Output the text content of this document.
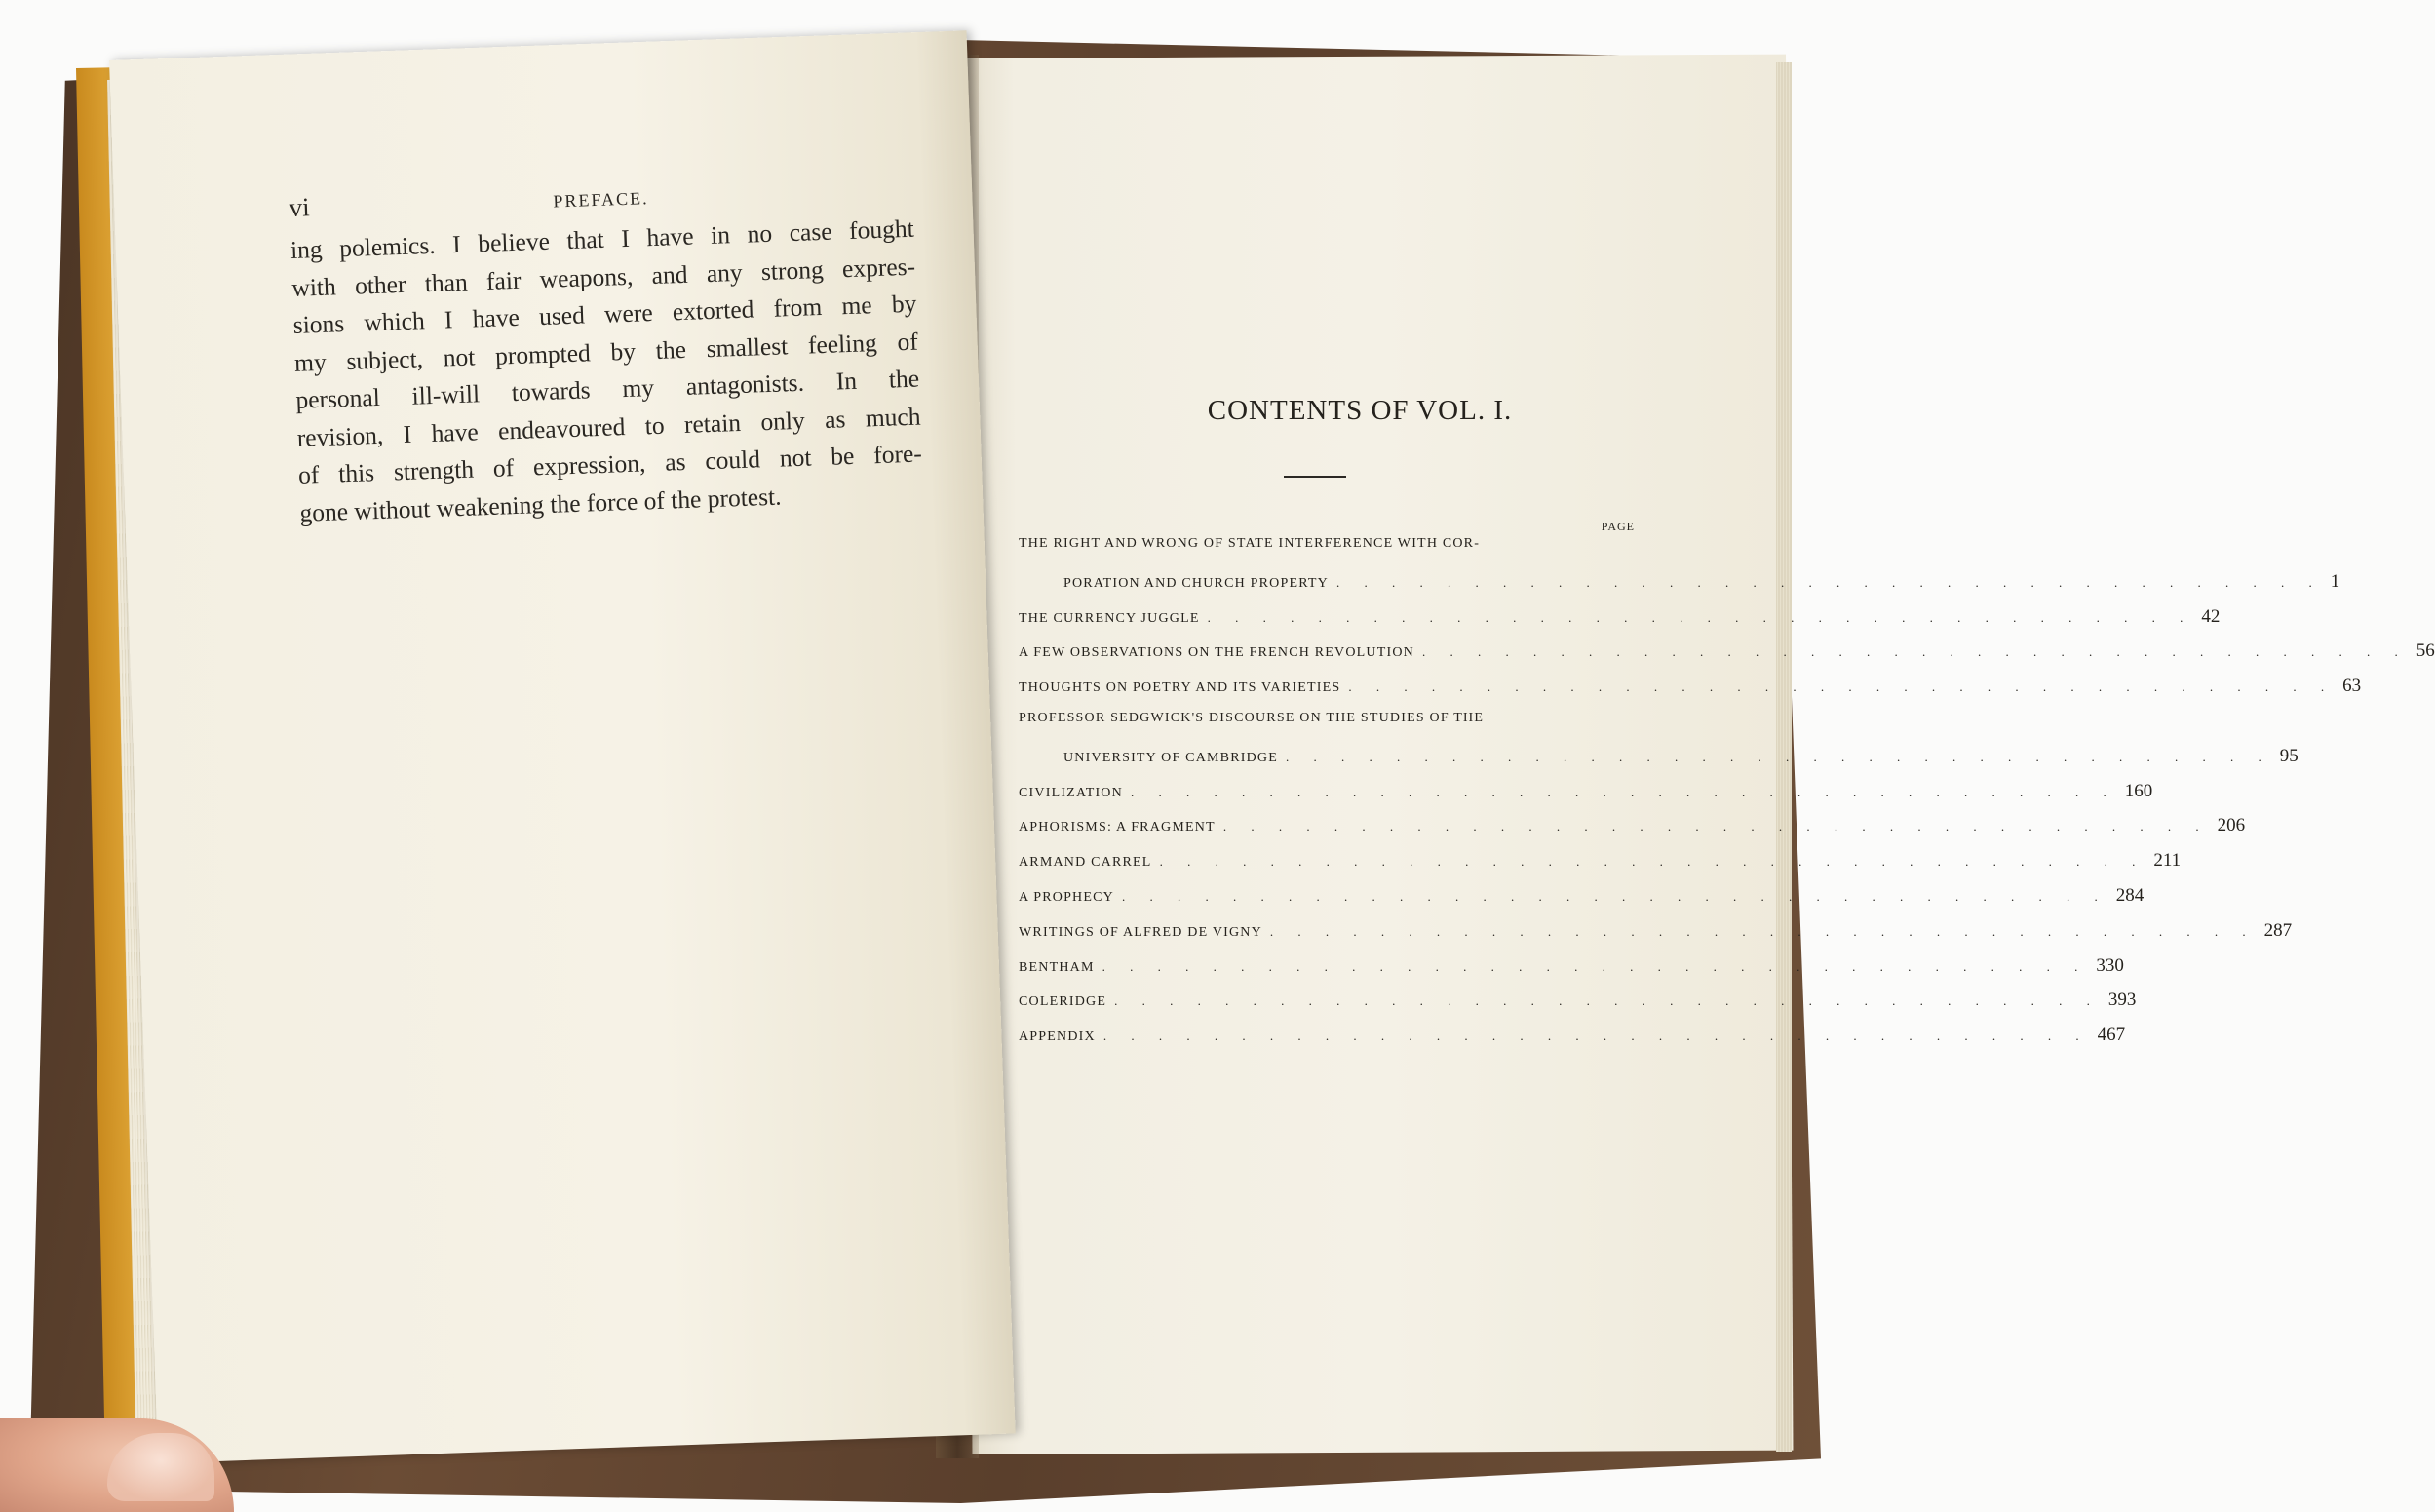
vi	PREFACE.
ing polemics. I believe that I have in no case fought
with other than fair weapons, and any strong expres-
sions which I have used were extorted from me by
my subject, not prompted by the smallest feeling of
personal ill-will towards my antagonists. In the
revision, I have endeavoured to retain only as much
of this strength of expression, as could not be fore-
gone without weakening the force of the protest.
CONTENTS OF VOL. I.
PAGE
THE RIGHT AND WRONG OF STATE INTERFERENCE WITH COR-
PORATION AND CHURCH PROPERTY . . . . . . . . . . . . . . . . . . . . . . . . . . . . . . . . . . . . 1
THE CURRENCY JUGGLE . . . . . . . . . . . . . . . . . . . . . . . . . . . . . . . . . . . . 42
A FEW OBSERVATIONS ON THE FRENCH REVOLUTION . . . . . . . . . . . . . . . . . . . . . . . . . . . . . . . . . . . . 56
THOUGHTS ON POETRY AND ITS VARIETIES . . . . . . . . . . . . . . . . . . . . . . . . . . . . . . . . . . . . 63
PROFESSOR SEDGWICK'S DISCOURSE ON THE STUDIES OF THE
UNIVERSITY OF CAMBRIDGE . . . . . . . . . . . . . . . . . . . . . . . . . . . . . . . . . . . . 95
CIVILIZATION . . . . . . . . . . . . . . . . . . . . . . . . . . . . . . . . . . . . 160
APHORISMS: A FRAGMENT . . . . . . . . . . . . . . . . . . . . . . . . . . . . . . . . . . . . 206
ARMAND CARREL . . . . . . . . . . . . . . . . . . . . . . . . . . . . . . . . . . . . 211
A PROPHECY . . . . . . . . . . . . . . . . . . . . . . . . . . . . . . . . . . . . 284
WRITINGS OF ALFRED DE VIGNY . . . . . . . . . . . . . . . . . . . . . . . . . . . . . . . . . . . . 287
BENTHAM . . . . . . . . . . . . . . . . . . . . . . . . . . . . . . . . . . . . 330
COLERIDGE . . . . . . . . . . . . . . . . . . . . . . . . . . . . . . . . . . . . 393
APPENDIX . . . . . . . . . . . . . . . . . . . . . . . . . . . . . . . . . . . . 467
